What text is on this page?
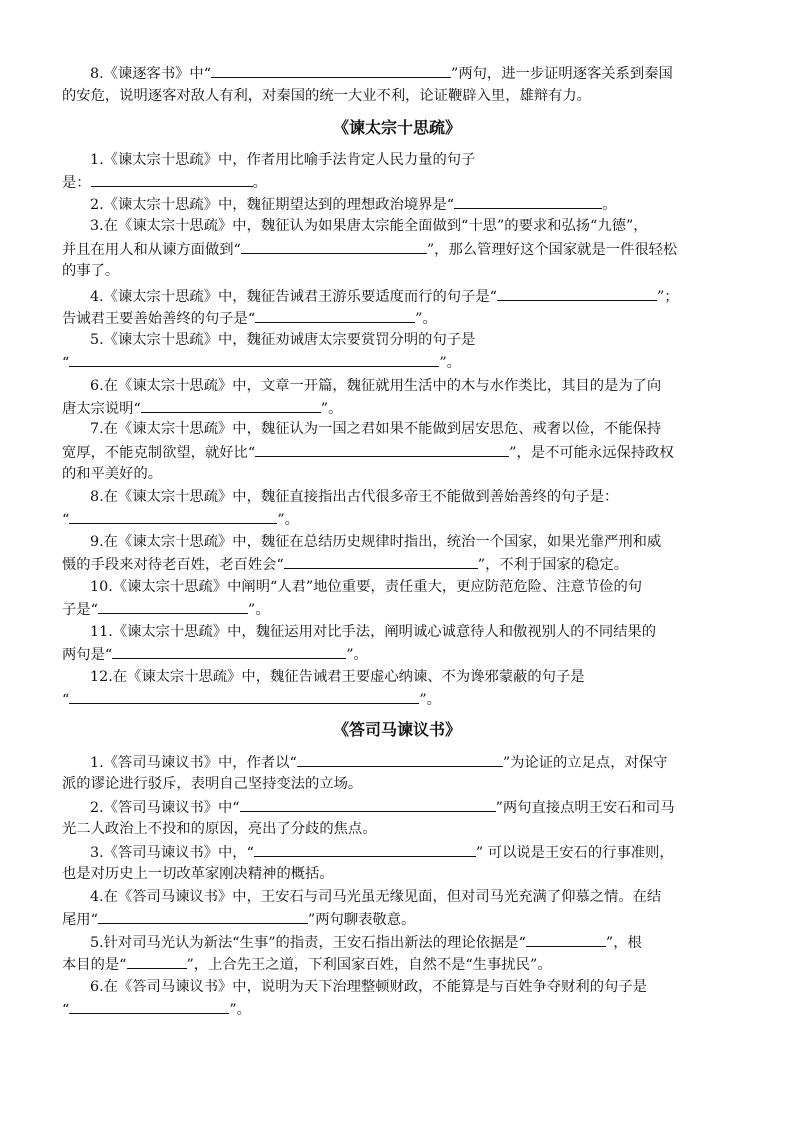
8.《谏逐客书》中“	”两句，进一步证明逐客关系到秦国
的安危，说明逐客对敌人有利，对秦国的统一大业不利，论证鞭辟入里，雄辩有力。
《谏太宗十思疏》
1.《谏太宗十思疏》中，作者用比喻手法肯定人民力量的句子
是：	。
2.《谏太宗十思疏》中，魏征期望达到的理想政治境界是“	。
3.在《谏太宗十思疏》中，魏征认为如果唐太宗能全面做到“十思”的要求和弘扬“九德”，
并且在用人和从谏方面做到“	”，那么管理好这个国家就是一件很轻松
的事了。
4.《谏太宗十思疏》中，魏征告诫君王游乐要适度而行的句子是“	”；
告诫君王要善始善终的句子是“	”。
5.《谏太宗十思疏》中，魏征劝诫唐太宗要赏罚分明的句子是
“	”。
6.在《谏太宗十思疏》中，文章一开篇，魏征就用生活中的木与水作类比，其目的是为了向
唐太宗说明“	”。
7.在《谏太宗十思疏》中，魏征认为一国之君如果不能做到居安思危、戒奢以俭，不能保持
宽厚，不能克制欲望，就好比“	”，是不可能永远保持政权
的和平美好的。
8.在《谏太宗十思疏》中，魏征直接指出古代很多帝王不能做到善始善终的句子是：
“	”。
9.在《谏太宗十思疏》中，魏征在总结历史规律时指出，统治一个国家，如果光靠严刑和威
慑的手段来对待老百姓，老百姓会“	”，不利于国家的稳定。
10.《谏太宗十思疏》中阐明“人君”地位重要，责任重大，更应防范危险、注意节俭的句
子是“	”。
11.《谏太宗十思疏》中，魏征运用对比手法，阐明诚心诚意待人和傲视别人的不同结果的
两句是“	”。
12.在《谏太宗十思疏》中，魏征告诫君王要虚心纳谏、不为谗邪蒙蔽的句子是
“	”。
《答司马谏议书》
1.《答司马谏议书》中，作者以“	”为论证的立足点，对保守
派的谬论进行驳斥，表明自己坚持变法的立场。
2.《答司马谏议书》中“	”两句直接点明王安石和司马
光二人政治上不投和的原因，亮出了分歧的焦点。
3.《答司马谏议书》中，“	” 可以说是王安石的行事准则，
也是对历史上一切改革家刚决精神的概括。
4.在《答司马谏议书》中，王安石与司马光虽无缘见面，但对司马光充满了仰慕之情。在结
尾用“	”两句聊表敬意。
5.针对司马光认为新法“生事”的指责，王安石指出新法的理论依据是“	”，根
本目的是“	”，上合先王之道，下利国家百姓，自然不是“生事扰民”。
6.在《答司马谏议书》中，说明为天下治理整顿财政，不能算是与百姓争夺财利的句子是
“	”。
